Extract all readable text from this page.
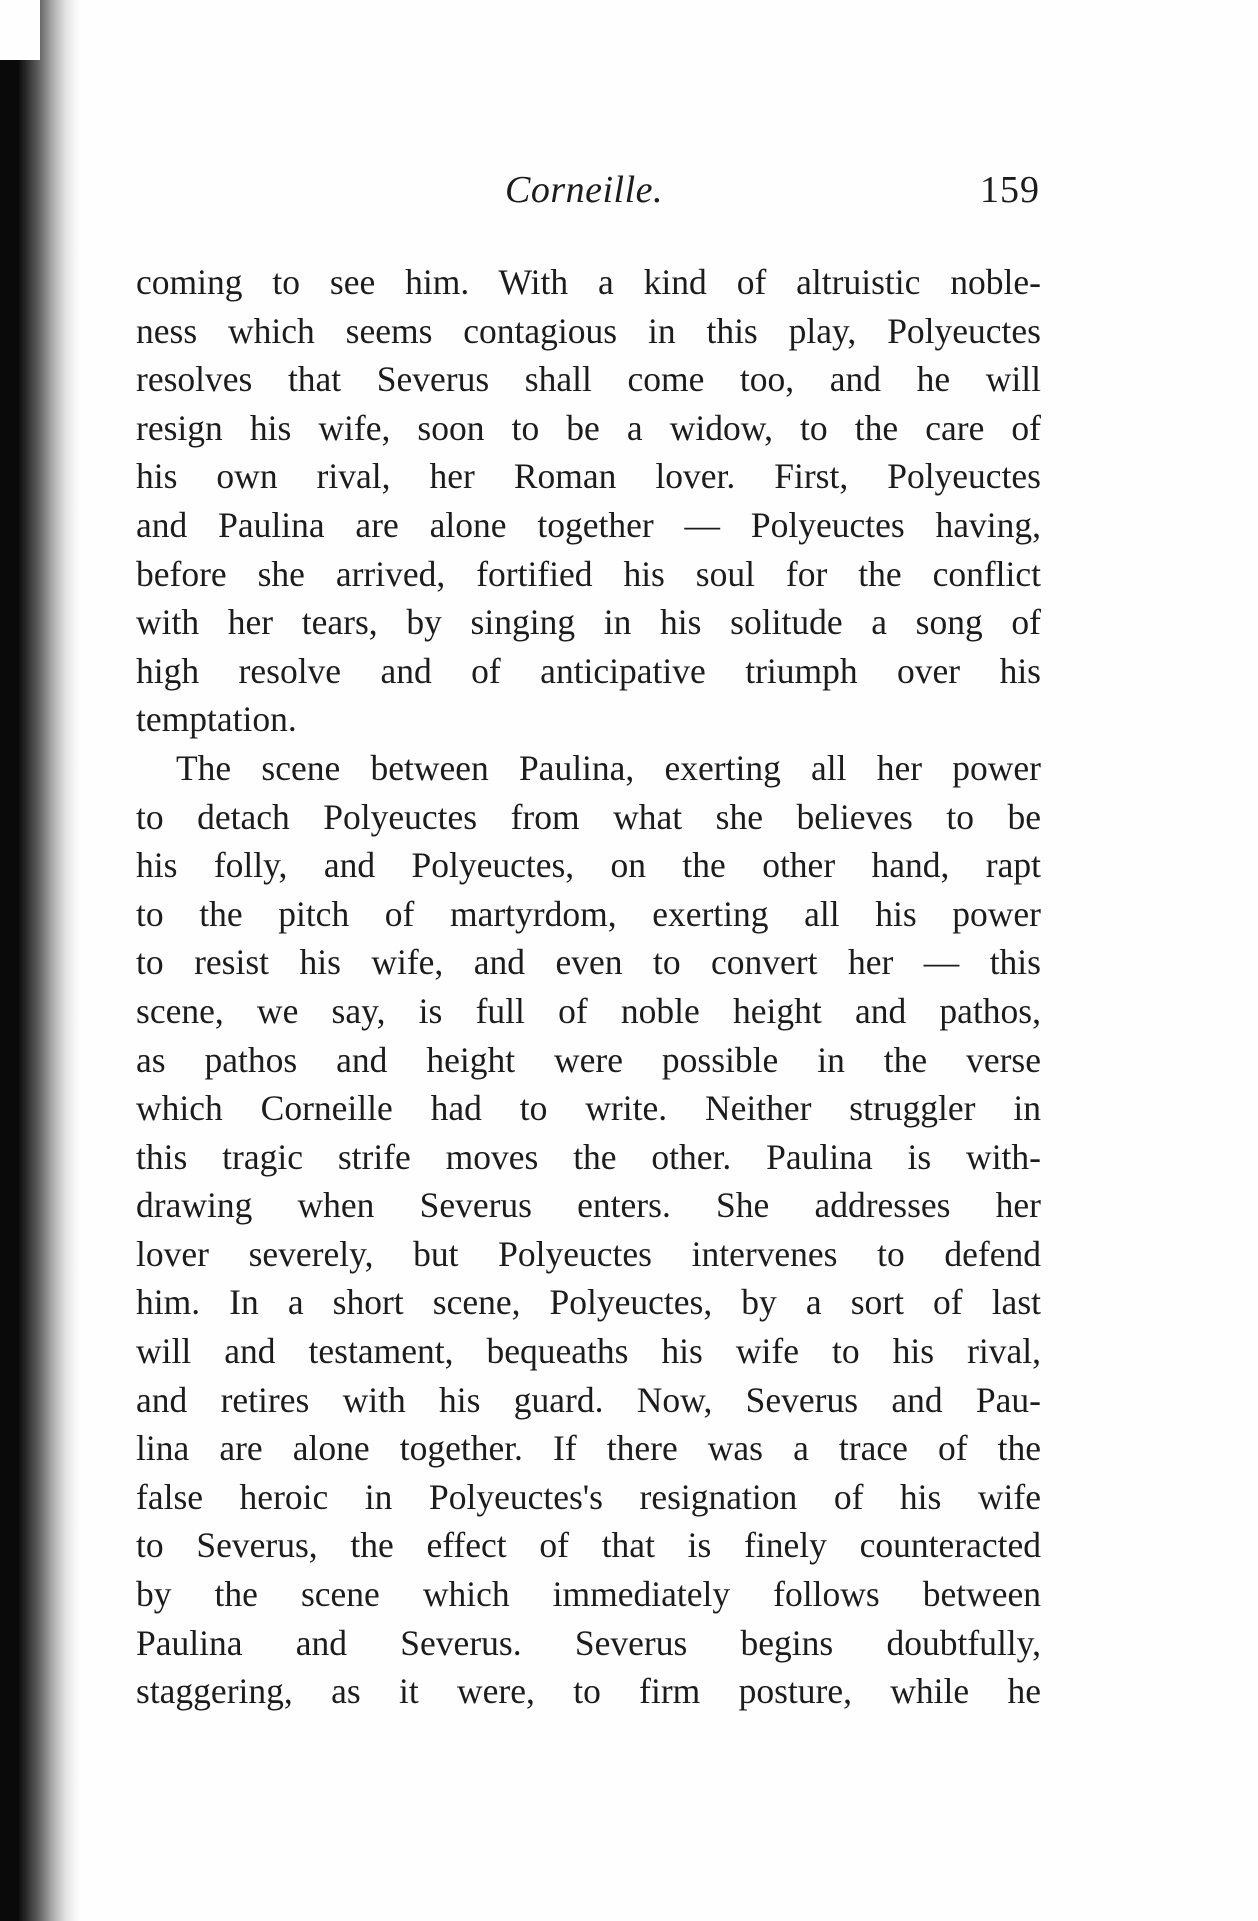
Corneille.	159
coming to see him. With a kind of altruistic noble-
ness which seems contagious in this play, Polyeuctes
resolves that Severus shall come too, and he will
resign his wife, soon to be a widow, to the care of
his own rival, her Roman lover. First, Polyeuctes
and Paulina are alone together — Polyeuctes having,
before she arrived, fortified his soul for the conflict
with her tears, by singing in his solitude a song of
high resolve and of anticipative triumph over his
temptation.
The scene between Paulina, exerting all her power
to detach Polyeuctes from what she believes to be
his folly, and Polyeuctes, on the other hand, rapt
to the pitch of martyrdom, exerting all his power
to resist his wife, and even to convert her — this
scene, we say, is full of noble height and pathos,
as pathos and height were possible in the verse
which Corneille had to write. Neither struggler in
this tragic strife moves the other. Paulina is with-
drawing when Severus enters. She addresses her
lover severely, but Polyeuctes intervenes to defend
him. In a short scene, Polyeuctes, by a sort of last
will and testament, bequeaths his wife to his rival,
and retires with his guard. Now, Severus and Pau-
lina are alone together. If there was a trace of the
false heroic in Polyeuctes's resignation of his wife
to Severus, the effect of that is finely counteracted
by the scene which immediately follows between
Paulina and Severus. Severus begins doubtfully,
staggering, as it were, to firm posture, while he
